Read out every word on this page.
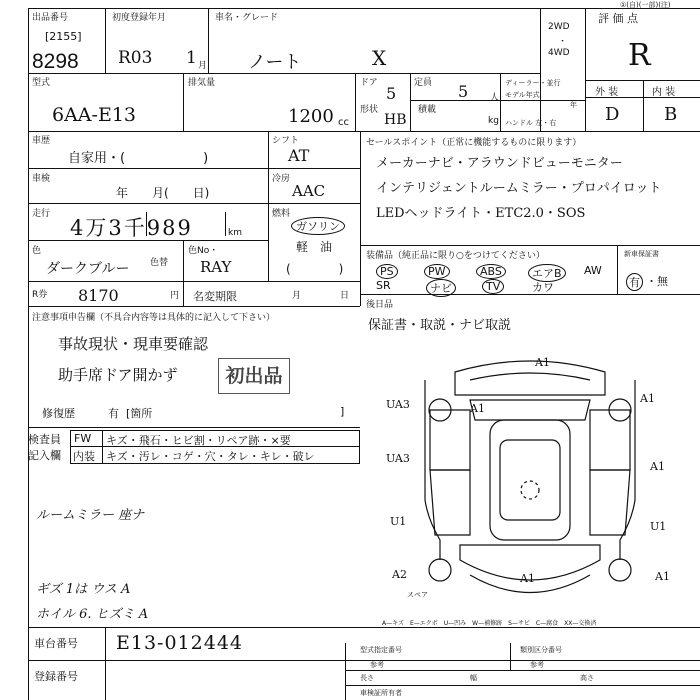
出品番号
[2155]
8298
初度登録年月
R03 1 月
車名・グレード
ノート	X
2WD
・
4WD
①(自)(一部)(注)
評 価 点
R
外 装	内 装
D B
型式
6AA-E13
排気量
1200 cc
ドア
5
定員 5 人
ディーラー・並行
モデル年式
年
形状
HB
積載
kg ハンドル 左・右
車歴
自家用・(　　　　　　)
シフト
AT
車検
年　　月(　　日)
冷房
AAC
走行
4万3千989	km
燃料
ガソリン
軽　油
(　　　　)
色
ダークブルー 色替
色No・
RAY
R券 8170	円 名変期限	月	日
セールスポイント（正常に機能するものに限ります）
メーカーナビ・アラウンドビューモニター
インテリジェントルームミラー・プロパイロット
LEDヘッドライト・ETC2.0・SOS
装備品（純正品に限り○をつけてください）
PS	PW	ABS	エアB	AW
SR	ナビ	TV	カワ
新車保証書
有 ・無
後日品
保証書・取説・ナビ取説
注意事項申告欄（不具合内容等は具体的に記入して下さい）
事故現状・現車要確認
助手席ドア開かず	初出品
修復歴	有 [箇所	]
検査員
記入欄
FW キズ・飛石・ヒビ割・リペア跡・×要
内装 キズ・汚レ・コゲ・穴・タレ・キレ・破レ
ルームミラー 座ナ
ギズ 1は ウス A
ホイル 6. ヒズミ A
A1
UA3	A1
UA3
U1
A1
U1
A2	A1
A1
A1
スペア
A—キズ　E—エクボ　U—凹み　W—補修跡　S—サビ　C—腐食　XX—交換済
車台番号 E13-012444
登録番号
型式指定番号
参考
類別区分番号
参考
長さ	幅	高さ
車検証所有者
